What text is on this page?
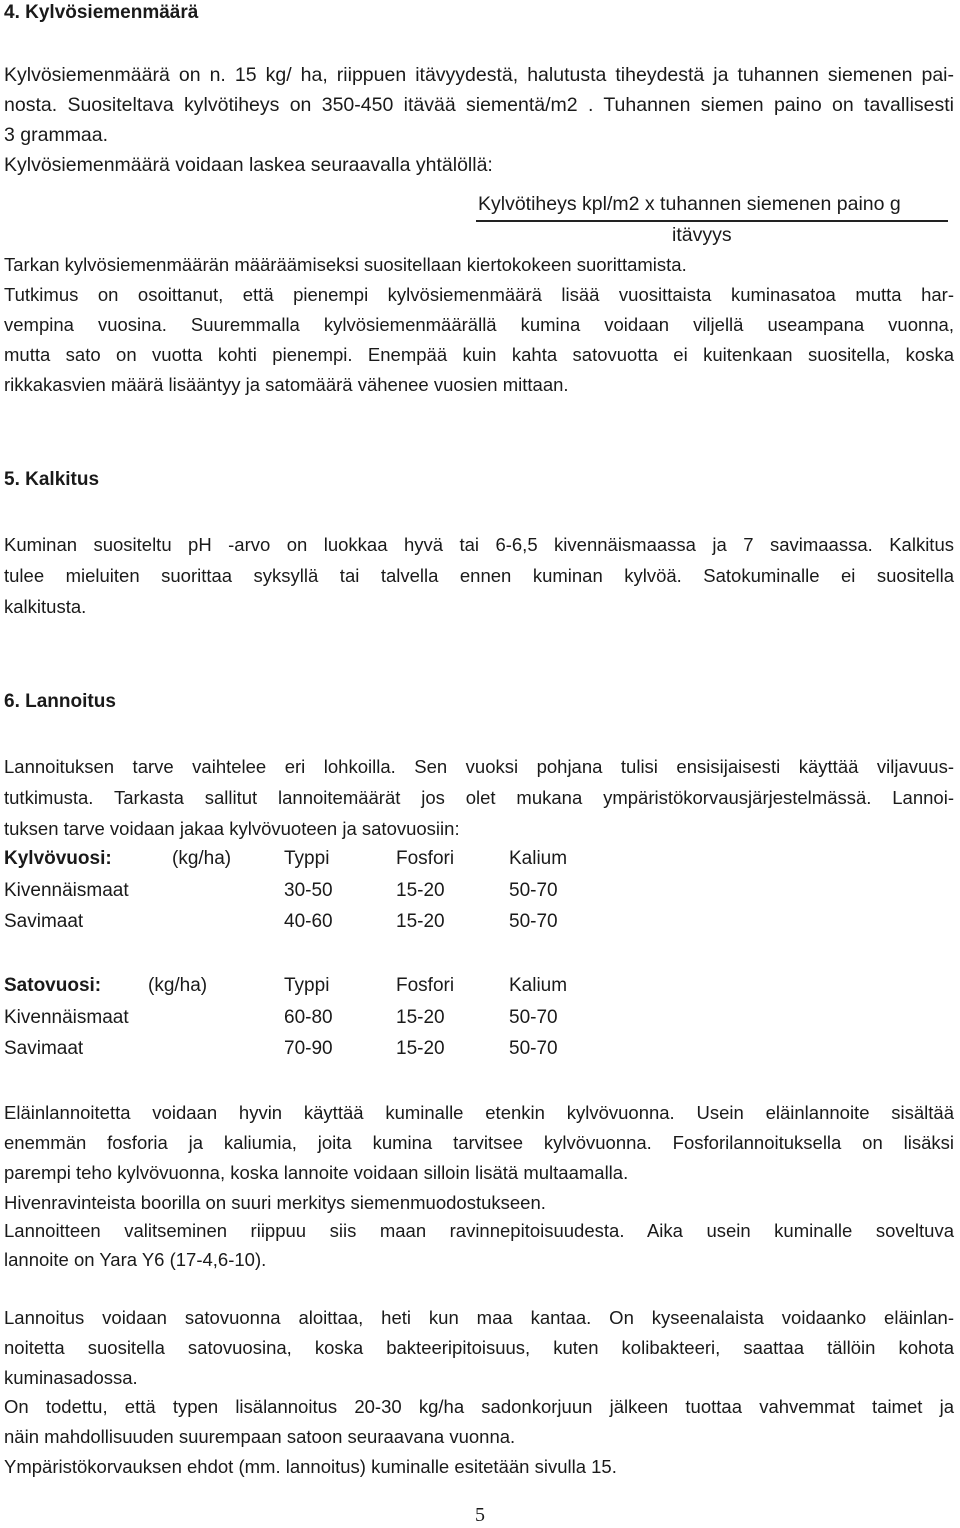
4. Kylvösiemenmäärä
Kylvösiemenmäärä on n. 15 kg/ ha, riippuen itävyydestä, halutusta tiheydestä ja tuhannen siemenen pai-
nosta. Suositeltava kylvötiheys on 350-450 itävää siementä/m2 . Tuhannen siemen paino on tavallisesti
3 grammaa.
Kylvösiemenmäärä voidaan laskea seuraavalla yhtälöllä:
Kylvötiheys kpl/m2 x tuhannen siemenen paino g
itävyys
Tarkan kylvösiemenmäärän määräämiseksi suositellaan kiertokokeen suorittamista.
Tutkimus on osoittanut, että pienempi kylvösiemenmäärä lisää vuosittaista kuminasatoa mutta har-
vempina vuosina. Suuremmalla kylvösiemenmäärällä kumina voidaan viljellä useampana vuonna,
mutta sato on vuotta kohti pienempi. Enempää kuin kahta satovuotta ei kuitenkaan suositella, koska
rikkakasvien määrä lisääntyy ja satomäärä vähenee vuosien mittaan.
5. Kalkitus
Kuminan suositeltu pH -arvo on luokkaa hyvä tai 6-6,5 kivennäismaassa ja 7 savimaassa. Kalkitus
tulee mieluiten suorittaa syksyllä tai talvella ennen kuminan kylvöä. Satokuminalle ei suositella
kalkitusta.
6. Lannoitus
Lannoituksen tarve vaihtelee eri lohkoilla. Sen vuoksi pohjana tulisi ensisijaisesti käyttää viljavuus-
tutkimusta. Tarkasta sallitut lannoitemäärät jos olet mukana ympäristökorvausjärjestelmässä. Lannoi-
tuksen tarve voidaan jakaa kylvövuoteen ja satovuosiin:
Kylvövuosi:	(kg/ha)	Typpi	Fosfori	Kalium
Kivennäismaat	30-50	15-20	50-70
Savimaat	40-60	15-20	50-70
Satovuosi: (kg/ha)	Typpi	Fosfori	Kalium
Kivennäismaat	60-80	15-20	50-70
Savimaat	70-90	15-20	50-70
Eläinlannoitetta voidaan hyvin käyttää kuminalle etenkin kylvövuonna. Usein eläinlannoite sisältää
enemmän fosforia ja kaliumia, joita kumina tarvitsee kylvövuonna. Fosforilannoituksella on lisäksi
parempi teho kylvövuonna, koska lannoite voidaan silloin lisätä multaamalla.
Hivenravinteista boorilla on suuri merkitys siemenmuodostukseen.
Lannoitteen valitseminen riippuu siis maan ravinnepitoisuudesta. Aika usein kuminalle soveltuva
lannoite on Yara Y6 (17-4,6-10).
Lannoitus voidaan satovuonna aloittaa, heti kun maa kantaa. On kyseenalaista voidaanko eläinlan-
noitetta suositella satovuosina, koska bakteeripitoisuus, kuten kolibakteeri, saattaa tällöin kohota
kuminasadossa.
On todettu, että typen lisälannoitus 20-30 kg/ha sadonkorjuun jälkeen tuottaa vahvemmat taimet ja
näin mahdollisuuden suurempaan satoon seuraavana vuonna.
Ympäristökorvauksen ehdot (mm. lannoitus) kuminalle esitetään sivulla 15.
5
